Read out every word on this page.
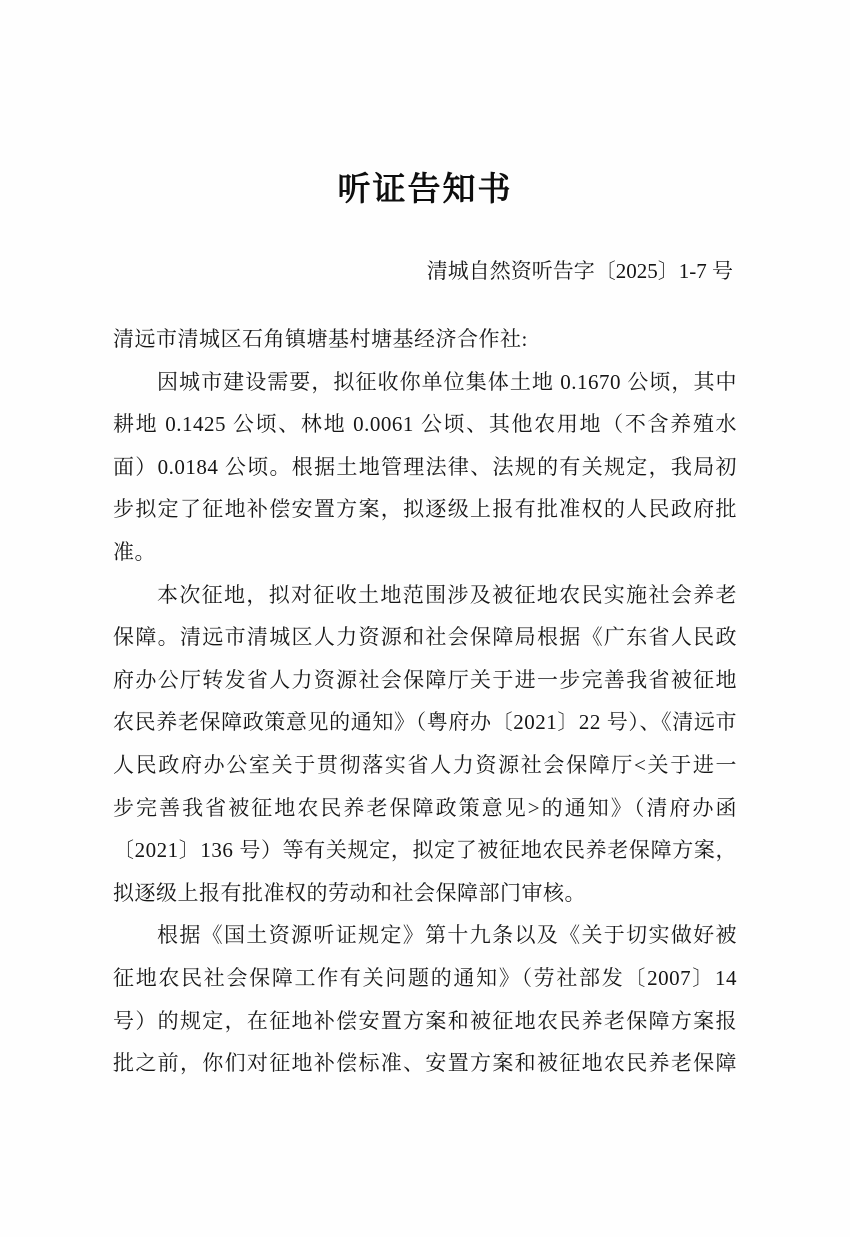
听证告知书
清城自然资听告字〔2025〕1-7 号
清远市清城区石角镇塘基村塘基经济合作社:
因城市建设需要，拟征收你单位集体土地 0.1670 公顷，其中
耕地 0.1425 公顷、林地 0.0061 公顷、其他农用地（不含养殖水
面）0.0184 公顷。根据土地管理法律、法规的有关规定，我局初
步拟定了征地补偿安置方案，拟逐级上报有批准权的人民政府批
准。
本次征地，拟对征收土地范围涉及被征地农民实施社会养老
保障。清远市清城区人力资源和社会保障局根据《广东省人民政
府办公厅转发省人力资源社会保障厅关于进一步完善我省被征地
农民养老保障政策意见的通知》（粤府办〔2021〕22 号）、《清远市
人民政府办公室关于贯彻落实省人力资源社会保障厅<关于进一
步完善我省被征地农民养老保障政策意见>的通知》（清府办函
〔2021〕136 号）等有关规定，拟定了被征地农民养老保障方案，
拟逐级上报有批准权的劳动和社会保障部门审核。
根据《国土资源听证规定》第十九条以及《关于切实做好被
征地农民社会保障工作有关问题的通知》（劳社部发〔2007〕14
号）的规定，在征地补偿安置方案和被征地农民养老保障方案报
批之前，你们对征地补偿标准、安置方案和被征地农民养老保障
